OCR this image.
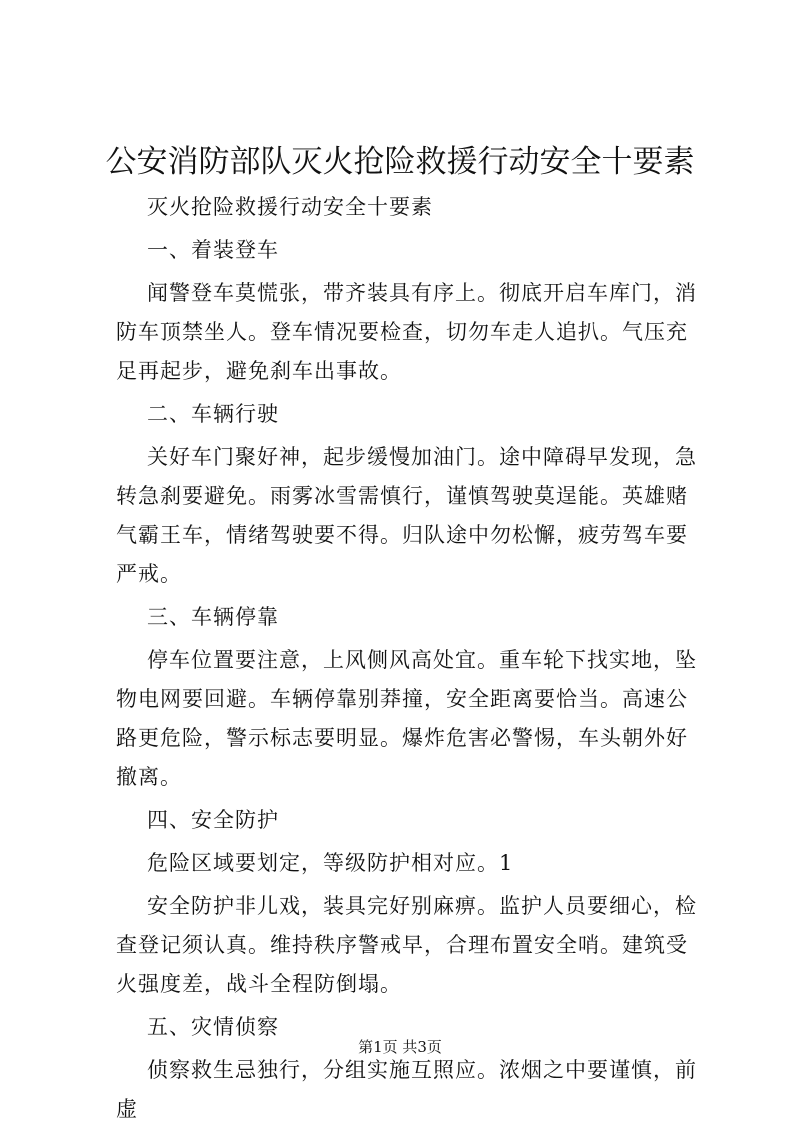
公安消防部队灭火抢险救援行动安全十要素

灭火抢险救援行动安全十要素

一、着装登车

闻警登车莫慌张，带齐装具有序上。彻底开启车库门，消防车顶禁坐人。登车情况要检查，切勿车走人追扒。气压充足再起步，避免刹车出事故。

二、车辆行驶

关好车门聚好神，起步缓慢加油门。途中障碍早发现，急转急刹要避免。雨雾冰雪需慎行，谨慎驾驶莫逞能。英雄赌气霸王车，情绪驾驶要不得。归队途中勿松懈，疲劳驾车要严戒。

三、车辆停靠

停车位置要注意，上风侧风高处宜。重车轮下找实地，坠物电网要回避。车辆停靠别莽撞，安全距离要恰当。高速公路更危险，警示标志要明显。爆炸危害必警惕，车头朝外好撤离。

四、安全防护

危险区域要划定，等级防护相对应。1

安全防护非儿戏，装具完好别麻痹。监护人员要细心，检查登记须认真。维持秩序警戒早，合理布置安全哨。建筑受火强度差，战斗全程防倒塌。

五、灾情侦察

侦察救生忌独行，分组实施互照应。浓烟之中要谨慎，前虚

第1页 共3页
